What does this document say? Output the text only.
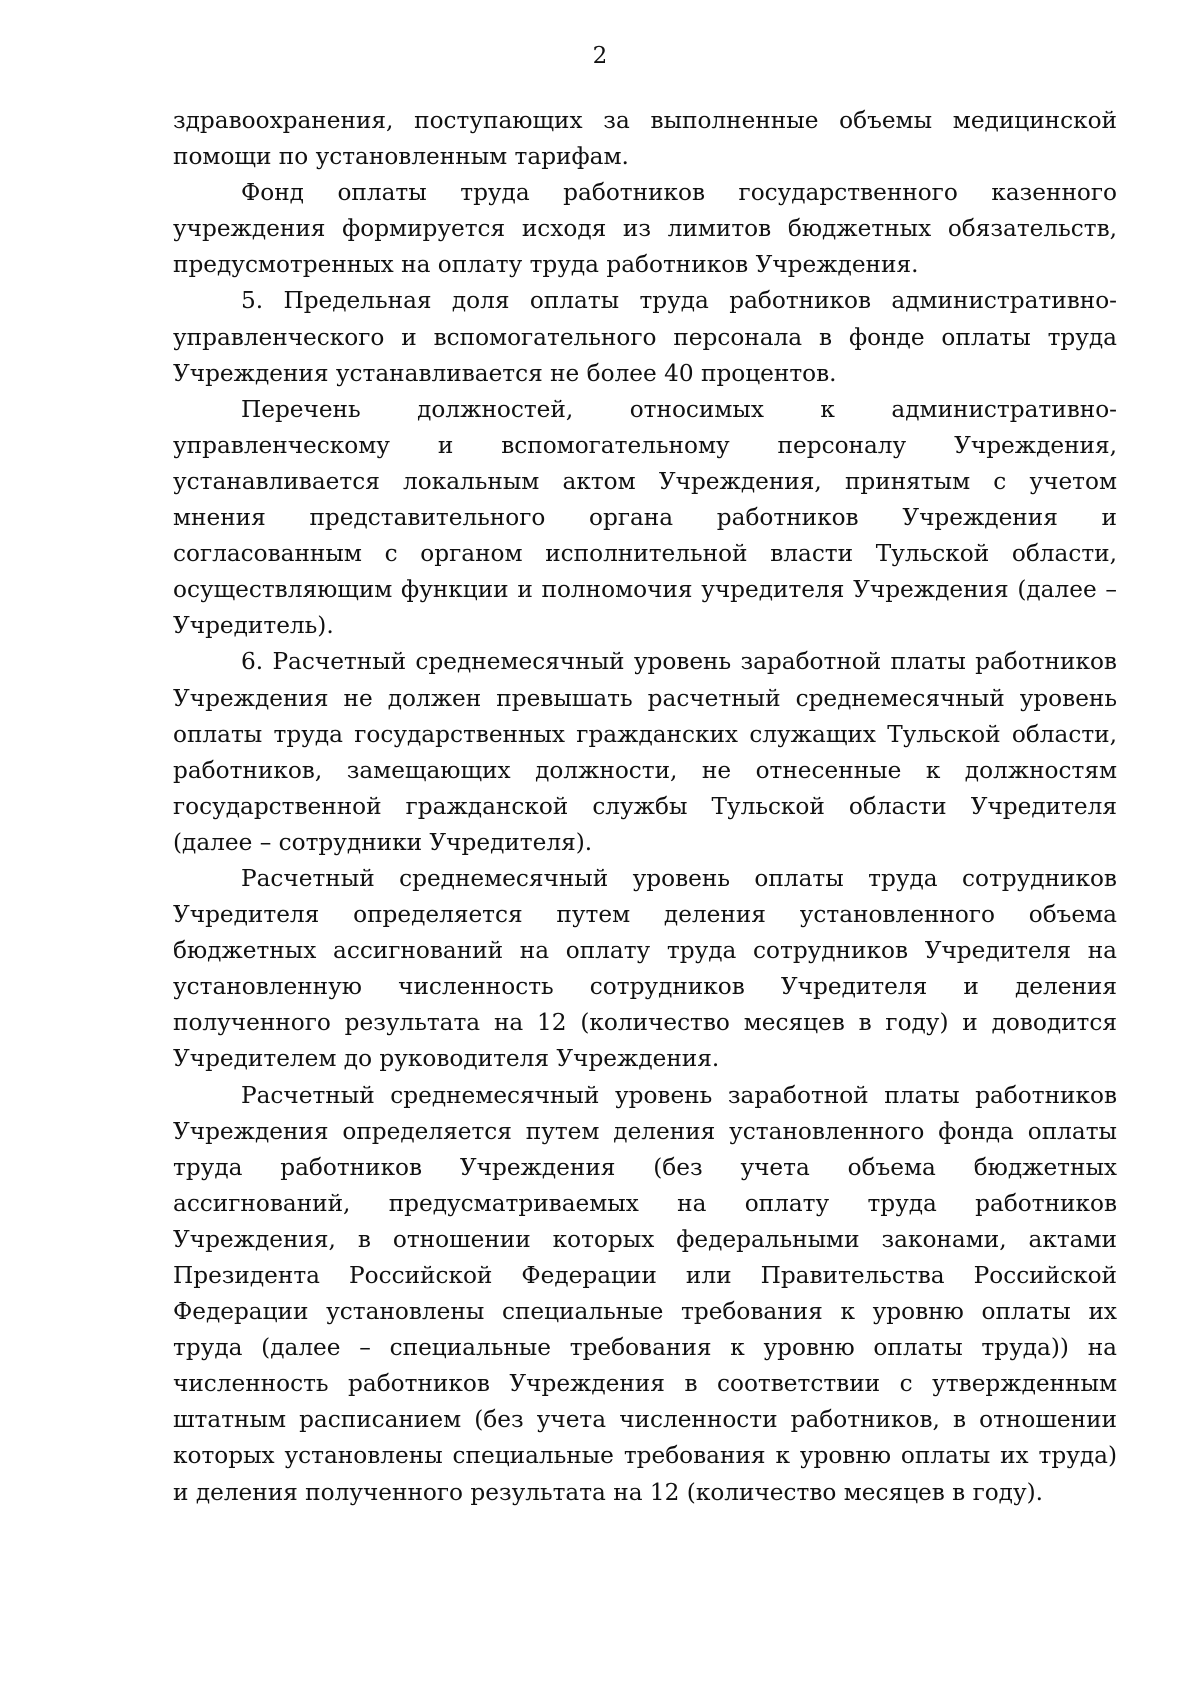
2

здравоохранения, поступающих за выполненные объемы медицинской помощи по установленным тарифам.

Фонд оплаты труда работников государственного казенного учреждения формируется исходя из лимитов бюджетных обязательств, предусмотренных на оплату труда работников Учреждения.

5. Предельная доля оплаты труда работников административно-управленческого и вспомогательного персонала в фонде оплаты труда Учреждения устанавливается не более 40 процентов.

Перечень должностей, относимых к административно-управленческому и вспомогательному персоналу Учреждения, устанавливается локальным актом Учреждения, принятым с учетом мнения представительного органа работников Учреждения и согласованным с органом исполнительной власти Тульской области, осуществляющим функции и полномочия учредителя Учреждения (далее – Учредитель).

6. Расчетный среднемесячный уровень заработной платы работников Учреждения не должен превышать расчетный среднемесячный уровень оплаты труда государственных гражданских служащих Тульской области, работников, замещающих должности, не отнесенные к должностям государственной гражданской службы Тульской области Учредителя (далее – сотрудники Учредителя).

Расчетный среднемесячный уровень оплаты труда сотрудников Учредителя определяется путем деления установленного объема бюджетных ассигнований на оплату труда сотрудников Учредителя на установленную численность сотрудников Учредителя и деления полученного результата на 12 (количество месяцев в году) и доводится Учредителем до руководителя Учреждения.

Расчетный среднемесячный уровень заработной платы работников Учреждения определяется путем деления установленного фонда оплаты труда работников Учреждения (без учета объема бюджетных ассигнований, предусматриваемых на оплату труда работников Учреждения, в отношении которых федеральными законами, актами Президента Российской Федерации или Правительства Российской Федерации установлены специальные требования к уровню оплаты их труда (далее – специальные требования к уровню оплаты труда)) на численность работников Учреждения в соответствии с утвержденным штатным расписанием (без учета численности работников, в отношении которых установлены специальные требования к уровню оплаты их труда) и деления полученного результата на 12 (количество месяцев в году).
